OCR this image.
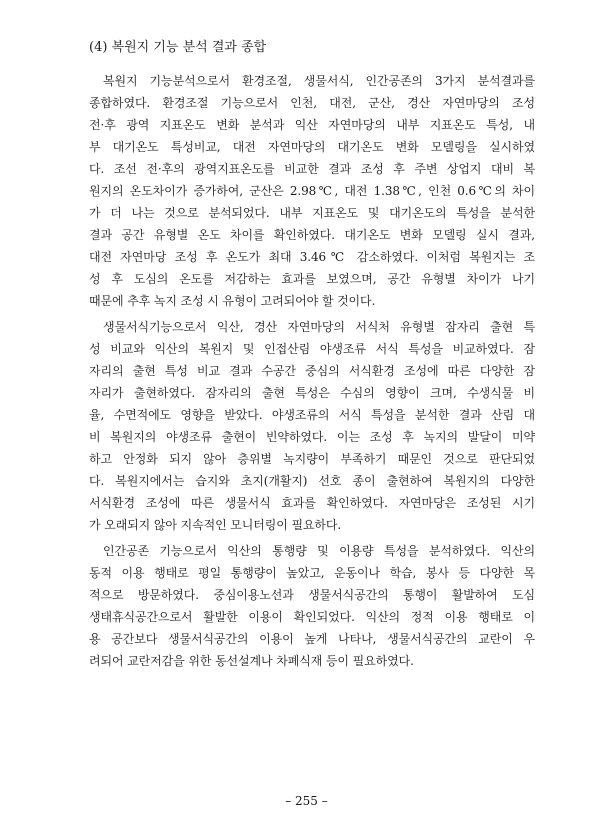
(4) 복원지 기능 분석 결과 종합
복원지 기능분석으로서 환경조절, 생물서식, 인간공존의 3가지 분석결과를
종합하였다. 환경조절 기능으로서 인천, 대전, 군산, 경산 자연마당의 조성
전·후 광역 지표온도 변화 분석과 익산 자연마당의 내부 지표온도 특성, 내
부 대기온도 특성비교, 대전 자연마당의 대기온도 변화 모델링을 실시하였
다. 조선 전·후의 광역지표온도를 비교한 결과 조성 후 주변 상업지 대비 복
원지의 온도차이가 증가하여, 군산은 2.98℃, 대전 1.38℃, 인천 0.6℃의 차이
가 더 나는 것으로 분석되었다. 내부 지표온도 및 대기온도의 특성을 분석한
결과 공간 유형별 온도 차이를 확인하였다. 대기온도 변화 모델링 실시 결과,
대전 자연마당 조성 후 온도가 최대 3.46℃ 감소하였다. 이처럼 복원지는 조
성 후 도심의 온도를 저감하는 효과를 보였으며, 공간 유형별 차이가 나기
때문에 추후 녹지 조성 시 유형이 고려되어야 할 것이다.
생물서식기능으로서 익산, 경산 자연마당의 서식처 유형별 잠자리 출현 특
성 비교와 익산의 복원지 및 인접산림 야생조류 서식 특성을 비교하였다. 잠
자리의 출현 특성 비교 결과 수공간 중심의 서식환경 조성에 따른 다양한 잠
자리가 출현하였다. 잠자리의 출현 특성은 수심의 영향이 크며, 수생식물 비
율, 수면적에도 영향을 받았다. 야생조류의 서식 특성을 분석한 결과 산림 대
비 복원지의 야생조류 출현이 빈약하였다. 이는 조성 후 녹지의 발달이 미약
하고 안정화 되지 않아 층위별 녹지량이 부족하기 때문인 것으로 판단되었
다. 복원지에서는 습지와 초지(개활지) 선호 종이 출현하여 복원지의 다양한
서식환경 조성에 따른 생물서식 효과를 확인하였다. 자연마당은 조성된 시기
가 오래되지 않아 지속적인 모니터링이 필요하다.
인간공존 기능으로서 익산의 통행량 및 이용량 특성을 분석하였다. 익산의
동적 이용 행태로 평일 통행량이 높았고, 운동이나 학습, 봉사 등 다양한 목
적으로 방문하였다. 중심이용노선과 생물서식공간의 통행이 활발하여 도심
생태휴식공간으로서 활발한 이용이 확인되었다. 익산의 정적 이용 행태로 이
용 공간보다 생물서식공간의 이용이 높게 나타나, 생물서식공간의 교란이 우
려되어 교란저감을 위한 동선설계나 차폐식재 등이 필요하였다.
– 255 –
